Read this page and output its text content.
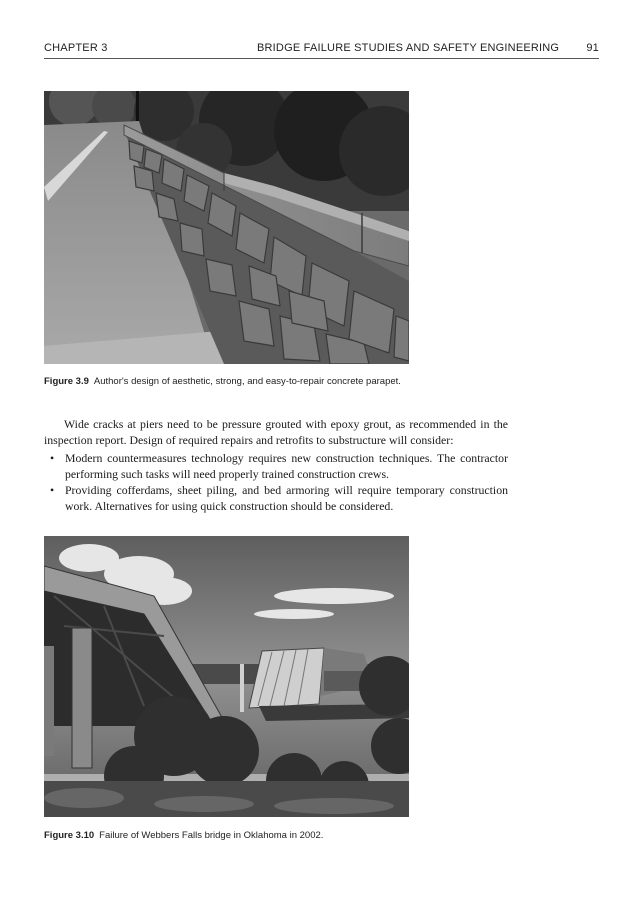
CHAPTER 3	BRIDGE FAILURE STUDIES AND SAFETY ENGINEERING 91
Figure 3.9 Author's design of aesthetic, strong, and easy-to-repair concrete parapet.

Wide cracks at piers need to be pressure grouted with epoxy grout, as recommended in the inspection report. Design of required repairs and retrofits to substructure will consider:

• Modern countermeasures technology requires new construction techniques. The contractor performing such tasks will need properly trained construction crews.
• Providing cofferdams, sheet piling, and bed armoring will require temporary construction work. Alternatives for using quick construction should be considered.
Figure 3.10 Failure of Webbers Falls bridge in Oklahoma in 2002.
